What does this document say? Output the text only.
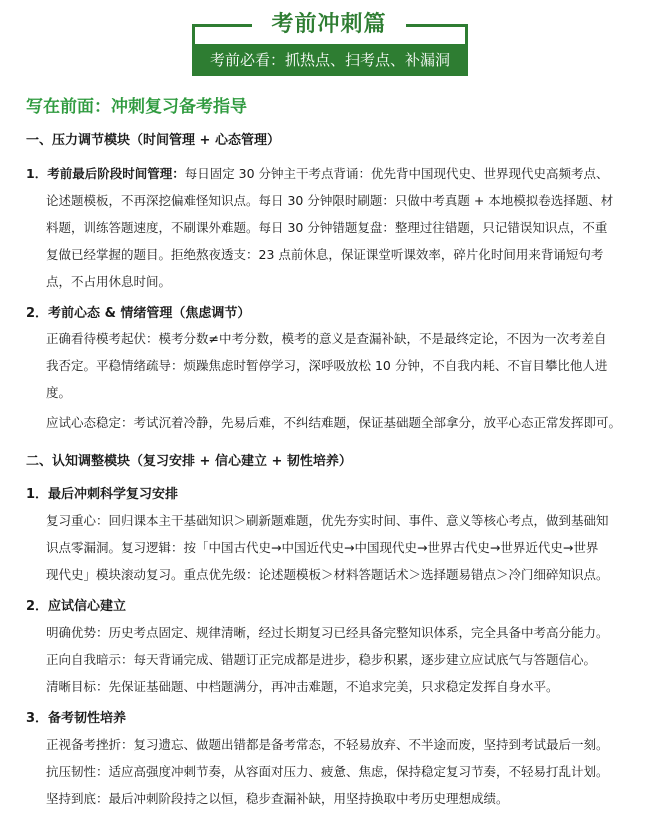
考前冲刺篇
考前必看：抓热点、扫考点、补漏洞
写在前面：冲刺复习备考指导
一、压力调节模块（时间管理 + 心态管理）
1．考前最后阶段时间管理：每日固定 30 分钟主干考点背诵：优先背中国现代史、世界现代史高频考点、
论述题模板，不再深挖偏难怪知识点。每日 30 分钟限时刷题：只做中考真题 + 本地模拟卷选择题、材
料题，训练答题速度，不刷课外难题。每日 30 分钟错题复盘：整理过往错题，只记错误知识点，不重
复做已经掌握的题目。拒绝熬夜透支：23 点前休息，保证课堂听课效率，碎片化时间用来背诵短句考
点，不占用休息时间。
2．考前心态 & 情绪管理（焦虑调节）
正确看待模考起伏：模考分数≠中考分数，模考的意义是查漏补缺，不是最终定论，不因为一次考差自
我否定。平稳情绪疏导：烦躁焦虑时暂停学习，深呼吸放松 10 分钟，不自我内耗、不盲目攀比他人进
度。
应试心态稳定：考试沉着冷静，先易后难，不纠结难题，保证基础题全部拿分，放平心态正常发挥即可。
二、认知调整模块（复习安排 + 信心建立 + 韧性培养）
1．最后冲刺科学复习安排
复习重心：回归课本主干基础知识＞刷新题难题，优先夯实时间、事件、意义等核心考点，做到基础知
识点零漏洞。复习逻辑：按「中国古代史→中国近代史→中国现代史→世界古代史→世界近代史→世界
现代史」模块滚动复习。重点优先级：论述题模板＞材料答题话术＞选择题易错点＞冷门细碎知识点。
2．应试信心建立
明确优势：历史考点固定、规律清晰，经过长期复习已经具备完整知识体系，完全具备中考高分能力。
正向自我暗示：每天背诵完成、错题订正完成都是进步，稳步积累，逐步建立应试底气与答题信心。
清晰目标：先保证基础题、中档题满分，再冲击难题，不追求完美，只求稳定发挥自身水平。
3．备考韧性培养
正视备考挫折：复习遗忘、做题出错都是备考常态，不轻易放弃、不半途而废，坚持到考试最后一刻。
抗压韧性：适应高强度冲刺节奏，从容面对压力、疲惫、焦虑，保持稳定复习节奏，不轻易打乱计划。
坚持到底：最后冲刺阶段持之以恒，稳步查漏补缺，用坚持换取中考历史理想成绩。
